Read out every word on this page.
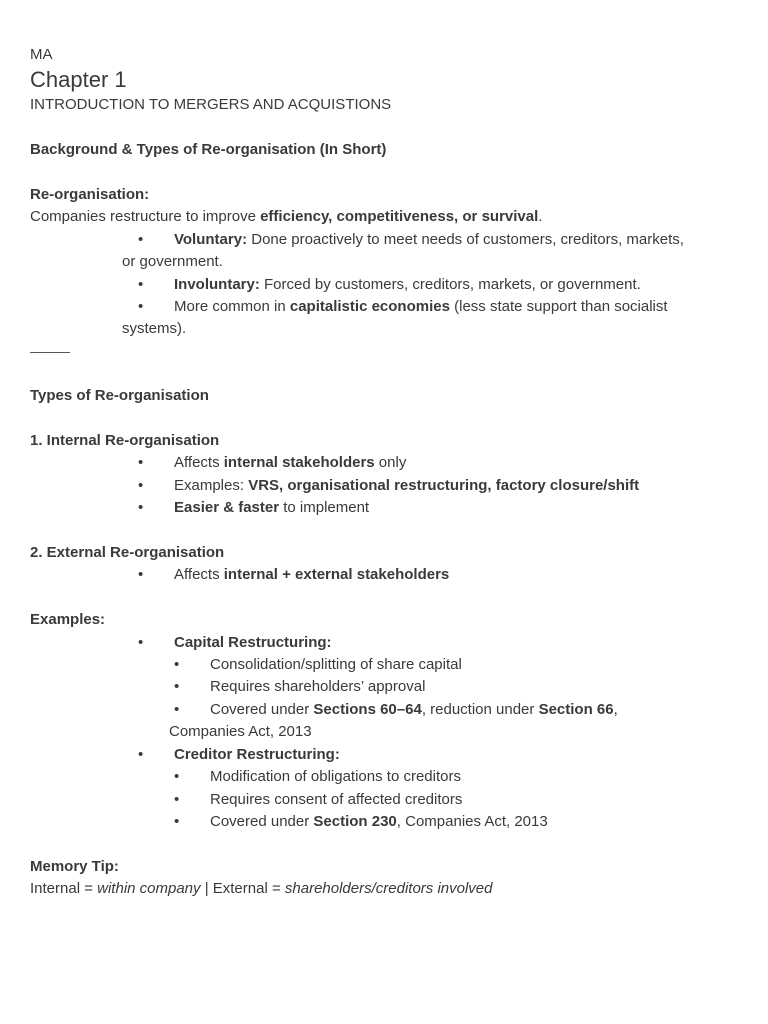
MA
Chapter 1
INTRODUCTION TO MERGERS AND ACQUISTIONS
Background & Types of Re-organisation (In Short)
Re-organisation:
Companies restructure to improve efficiency, competitiveness, or survival.
• Voluntary: Done proactively to meet needs of customers, creditors, markets,
or government.
• Involuntary: Forced by customers, creditors, markets, or government.
• More common in capitalistic economies (less state support than socialist
systems).
Types of Re-organisation
1. Internal Re-organisation
• Affects internal stakeholders only
• Examples: VRS, organisational restructuring, factory closure/shift
• Easier & faster to implement
2. External Re-organisation
• Affects internal + external stakeholders
Examples:
• Capital Restructuring:
• Consolidation/splitting of share capital
• Requires shareholders’ approval
• Covered under Sections 60–64, reduction under Section 66,
Companies Act, 2013
• Creditor Restructuring:
• Modification of obligations to creditors
• Requires consent of affected creditors
• Covered under Section 230, Companies Act, 2013
Memory Tip:
Internal = within company | External = shareholders/creditors involved
